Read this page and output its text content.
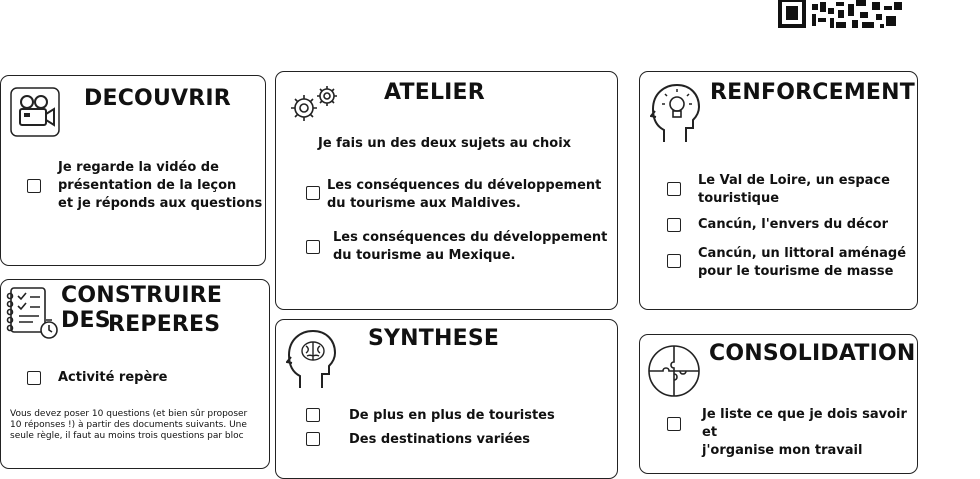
DECOUVRIR
Je regarde la vidéo de
présentation de la leçon
et je réponds aux questions
ATELIER
Je fais un des deux sujets au choix
Les conséquences du développement
du tourisme aux Maldives.
Les conséquences du développement
du tourisme au Mexique.
RENFORCEMENT
Le Val de Loire, un espace
touristique
Cancún, l'envers du décor
Cancún, un littoral aménagé
pour le tourisme de masse
CONSTRUIRE DES
REPERES
Activité repère
Vous devez poser 10 questions (et bien sûr proposer
10 réponses !) à partir des documents suivants. Une
seule règle, il faut au moins trois questions par bloc
SYNTHESE
De plus en plus de touristes
Des destinations variées
CONSOLIDATION
Je liste ce que je dois savoir et
j'organise mon travail
